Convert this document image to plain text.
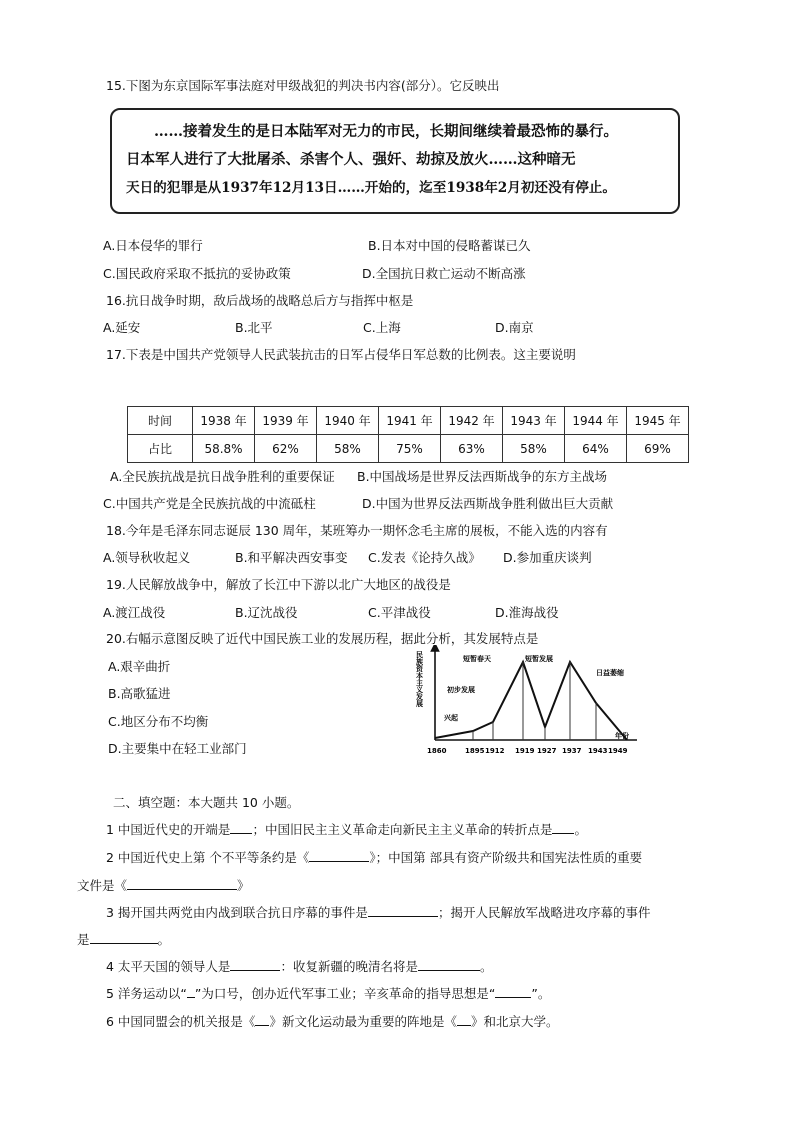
15.下图为东京国际军事法庭对甲级战犯的判决书内容(部分）。它反映出
……接着发生的是日本陆军对无力的市民，长期间继续着最恐怖的暴行。
日本军人进行了大批屠杀、杀害个人、强奸、劫掠及放火……这种暗无
天日的犯罪是从1937年12月13日……开始的，迄至1938年2月初还没有停止。
A.日本侵华的罪行	B.日本对中国的侵略蓄谋已久
C.国民政府采取不抵抗的妥协政策	D.全国抗日救亡运动不断高涨
16.抗日战争时期，敌后战场的战略总后方与指挥中枢是
A.延安	B.北平	C.上海	D.南京
17.下表是中国共产党领导人民武装抗击的日军占侵华日军总数的比例表。这主要说明
时间	1938 年	1939 年	1940 年	1941 年	1942 年	1943 年	1944 年	1945 年
占比	58.8%	62%	58%	75%	63%	58%	64%	69%
A.全民族抗战是抗日战争胜利的重要保证 B.中国战场是世界反法西斯战争的东方主战场
C.中国共产党是全民族抗战的中流砥柱	D.中国为世界反法西斯战争胜利做出巨大贡献
18.今年是毛泽东同志诞辰 130 周年，某班筹办一期怀念毛主席的展板，不能入选的内容有
A.领导秋收起义	B.和平解决西安事变 C.发表《论持久战》 D.参加重庆谈判
19.人民解放战争中，解放了长江中下游以北广大地区的战役是
A.渡江战役	B.辽沈战役	C.平津战役	D.淮海战役
20.右幅示意图反映了近代中国民族工业的发展历程，据此分析，其发展特点是
A.艰辛曲折
B.高歌猛进
C.地区分布不均衡
D.主要集中在轻工业部门
民族资本主义发展
年份
1860	1895 1912 1919 1927 1937 1943 1949
兴起
初步发展
短暂春天	短暂发展
日益萎缩
二、填空题：本大题共 10 小题。
1 中国近代史的开端是 ；中国旧民主主义革命走向新民主主义革命的转折点是 。
2 中国近代史上第 个不平等条约是《	》；中国第 部具有资产阶级共和国宪法性质的重要
文件是《	》
3 揭开国共两党由内战到联合抗日序幕的事件是	；揭开人民解放军战略进攻序幕的事件
是	。
4 太平天国的领导人是	：收复新疆的晚清名将是	。
5 洋务运动以“ ”为口号，创办近代军事工业；辛亥革命的指导思想是“	”。
6 中国同盟会的机关报是《 》新文化运动最为重要的阵地是《 》和北京大学。
